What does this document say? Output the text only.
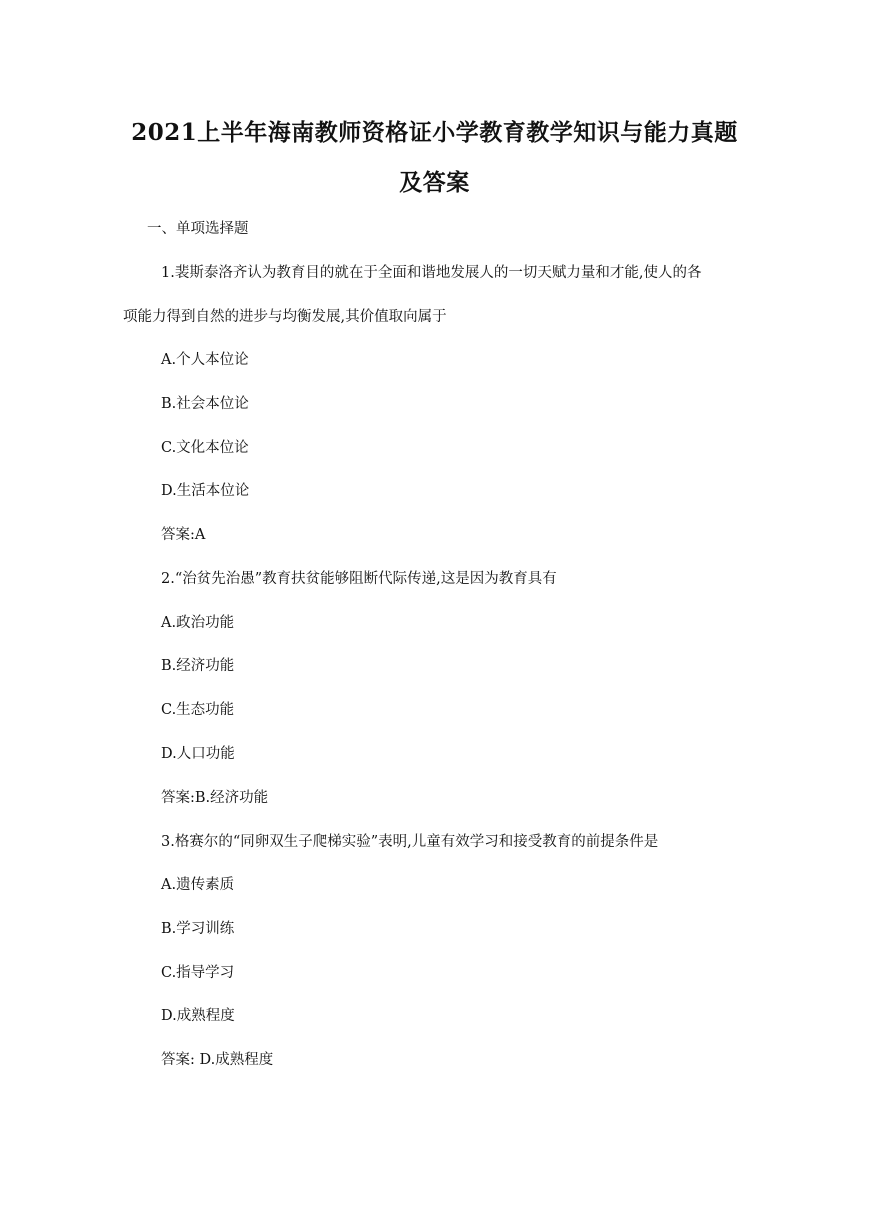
2021上半年海南教师资格证小学教育教学知识与能力真题
及答案
一、单项选择题
1.裴斯泰洛齐认为教育目的就在于全面和谐地发展人的一切天赋力量和才能,使人的各
项能力得到自然的进步与均衡发展,其价值取向属于
A.个人本位论
B.社会本位论
C.文化本位论
D.生活本位论
答案:A
2.“治贫先治愚”教育扶贫能够阻断代际传递,这是因为教育具有
A.政治功能
B.经济功能
C.生态功能
D.人口功能
答案:B.经济功能
3.格赛尔的“同卵双生子爬梯实验”表明,儿童有效学习和接受教育的前提条件是
A.遗传素质
B.学习训练
C.指导学习
D.成熟程度
答案: D.成熟程度
